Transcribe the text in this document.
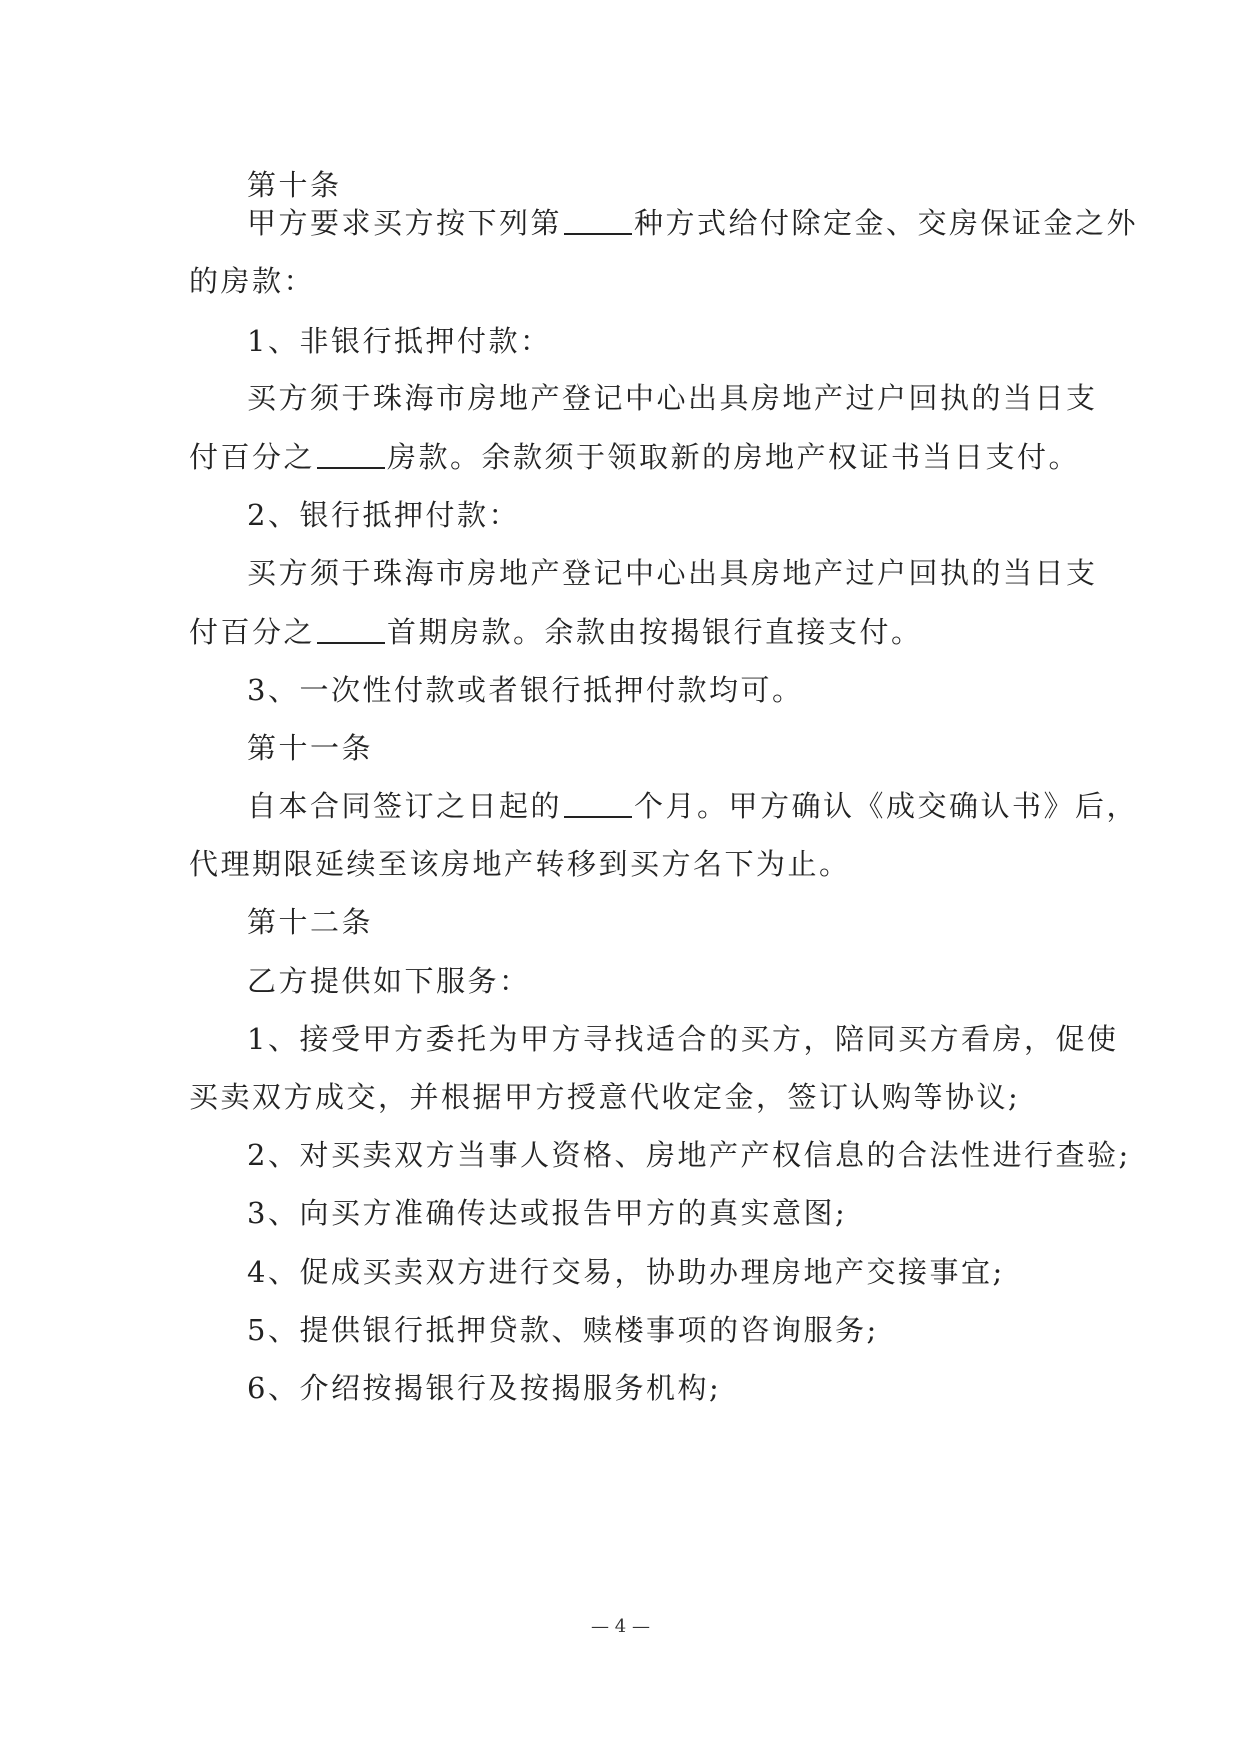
第十条
甲方要求买方按下列第 种方式给付除定金、交房保证金之外
的房款：
1、非银行抵押付款：
买方须于珠海市房地产登记中心出具房地产过户回执的当日支
付百分之 房款。余款须于领取新的房地产权证书当日支付。
2、银行抵押付款：
买方须于珠海市房地产登记中心出具房地产过户回执的当日支
付百分之 首期房款。余款由按揭银行直接支付。
3、一次性付款或者银行抵押付款均可。
第十一条
自本合同签订之日起的 个月。甲方确认《成交确认书》后，
代理期限延续至该房地产转移到买方名下为止。
第十二条
乙方提供如下服务：
1、接受甲方委托为甲方寻找适合的买方，陪同买方看房，促使
买卖双方成交，并根据甲方授意代收定金，签订认购等协议;
2、对买卖双方当事人资格、房地产产权信息的合法性进行查验;
3、向买方准确传达或报告甲方的真实意图;
4、促成买卖双方进行交易，协助办理房地产交接事宜;
5、提供银行抵押贷款、赎楼事项的咨询服务;
6、介绍按揭银行及按揭服务机构;
— 4 —
